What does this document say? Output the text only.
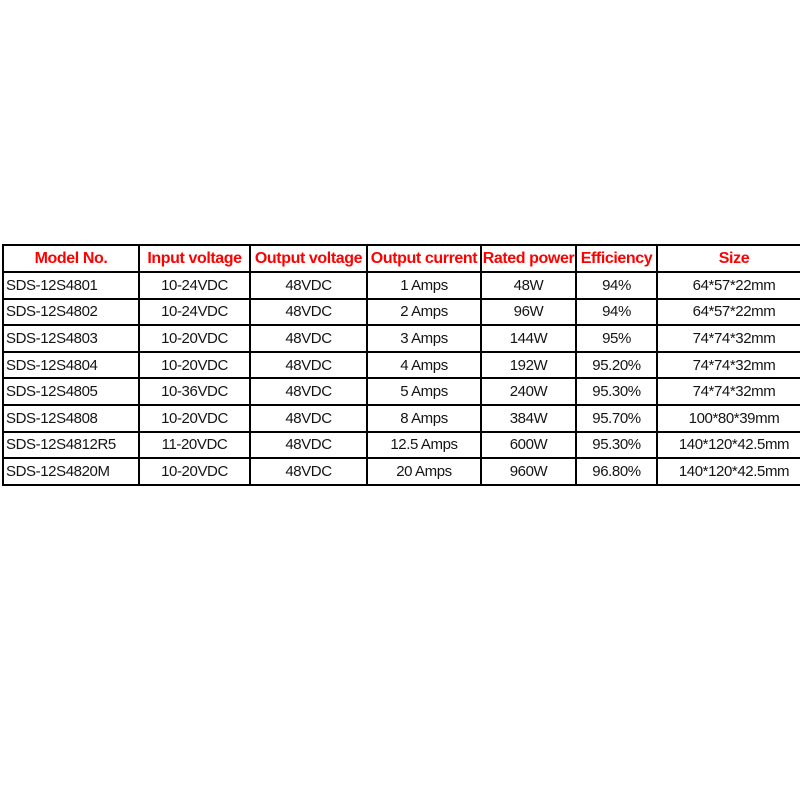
Model No.	Input voltage	Output voltage	Output current	Rated power	Efficiency	Size
SDS-12S4801	10-24VDC	48VDC	1 Amps	48W	94%	64*57*22mm
SDS-12S4802	10-24VDC	48VDC	2 Amps	96W	94%	64*57*22mm
SDS-12S4803	10-20VDC	48VDC	3 Amps	144W	95%	74*74*32mm
SDS-12S4804	10-20VDC	48VDC	4 Amps	192W	95.20%	74*74*32mm
SDS-12S4805	10-36VDC	48VDC	5 Amps	240W	95.30%	74*74*32mm
SDS-12S4808	10-20VDC	48VDC	8 Amps	384W	95.70%	100*80*39mm
SDS-12S4812R5	11-20VDC	48VDC	12.5 Amps	600W	95.30%	140*120*42.5mm
SDS-12S4820M	10-20VDC	48VDC	20 Amps	960W	96.80%	140*120*42.5mm
